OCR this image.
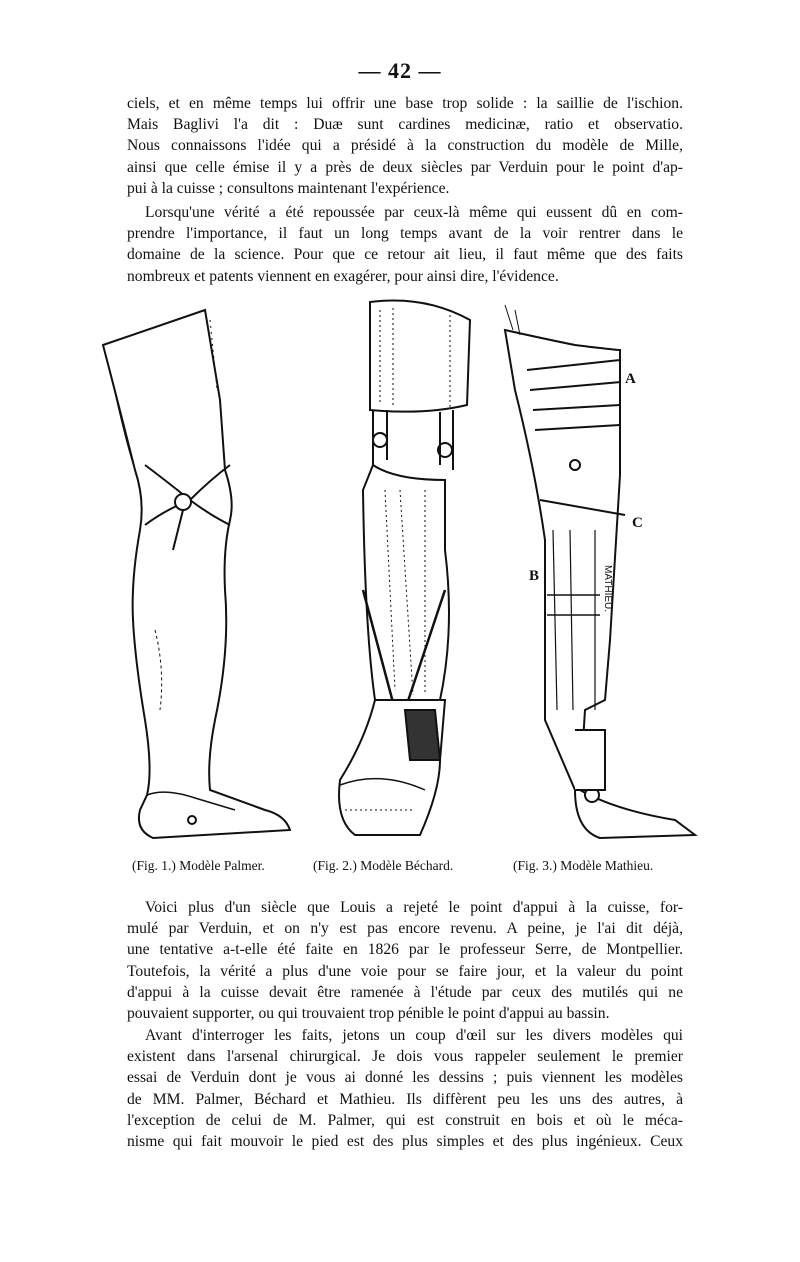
— 42 —
ciels, et en même temps lui offrir une base trop solide : la saillie de l'ischion.
Mais Baglivi l'a dit : Duæ sunt cardines medicinæ, ratio et observatio.
Nous connaissons l'idée qui a présidé à la construction du modèle de Mille,
ainsi que celle émise il y a près de deux siècles par Verduin pour le point d'ap-
pui à la cuisse ; consultons maintenant l'expérience.
Lorsqu'une vérité a été repoussée par ceux-là même qui eussent dû en com-
prendre l'importance, il faut un long temps avant de la voir rentrer dans le
domaine de la science. Pour que ce retour ait lieu, il faut même que des faits
nombreux et patents viennent en exagérer, pour ainsi dire, l'évidence.
A
C
B	MATHIEU.
(Fig. 1.) Modèle Palmer.	(Fig. 2.) Modèle Béchard.	(Fig. 3.) Modèle Mathieu.
Voici plus d'un siècle que Louis a rejeté le point d'appui à la cuisse, for-
mulé par Verduin, et on n'y est pas encore revenu. A peine, je l'ai dit déjà,
une tentative a-t-elle été faite en 1826 par le professeur Serre, de Montpellier.
Toutefois, la vérité a plus d'une voie pour se faire jour, et la valeur du point
d'appui à la cuisse devait être ramenée à l'étude par ceux des mutilés qui ne
pouvaient supporter, ou qui trouvaient trop pénible le point d'appui au bassin.
Avant d'interroger les faits, jetons un coup d'œil sur les divers modèles qui
existent dans l'arsenal chirurgical. Je dois vous rappeler seulement le premier
essai de Verduin dont je vous ai donné les dessins ; puis viennent les modèles
de MM. Palmer, Béchard et Mathieu. Ils diffèrent peu les uns des autres, à
l'exception de celui de M. Palmer, qui est construit en bois et où le méca-
nisme qui fait mouvoir le pied est des plus simples et des plus ingénieux. Ceux
